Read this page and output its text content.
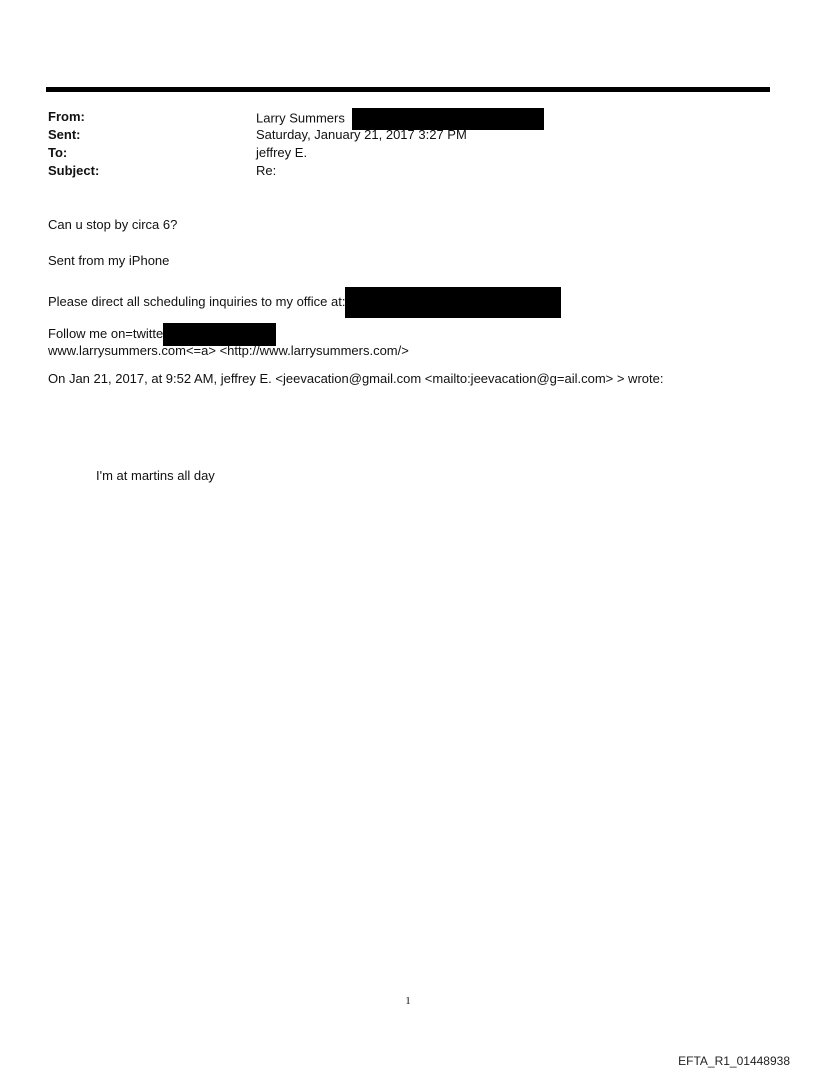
From:	Larry Summers
Sent:	Saturday, January 21, 2017 3:27 PM
To:	jeffrey E.
Subject:	Re:
Can u stop by circa 6?
Sent from my iPhone
Please direct all scheduling inquiries to my office at:
Follow me on=twitte
www.larrysummers.com<=a> <http://www.larrysummers.com/>
On Jan 21, 2017, at 9:52 AM, jeffrey E. <jeevacation@gmail.com <mailto:jeevacation@g=ail.com> > wrote:
I'm at martins all day
1
EFTA_R1_01448938
